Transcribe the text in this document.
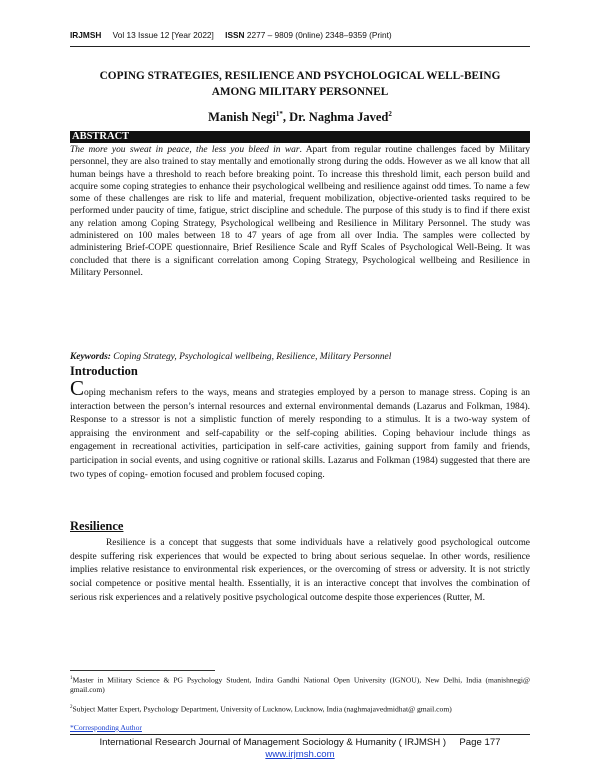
IRJMSH Vol 13 Issue 12 [Year 2022] ISSN 2277 – 9809 (0nline) 2348–9359 (Print)
COPING STRATEGIES, RESILIENCE AND PSYCHOLOGICAL WELL-BEING
AMONG MILITARY PERSONNEL
Manish Negi$^{1*}$, Dr. Naghma Javed$^2$
ABSTRACT
The more you sweat in peace, the less you bleed in war. Apart from regular routine challenges faced by Military personnel, they are also trained to stay mentally and emotionally strong during the odds. However as we all know that all human beings have a threshold to reach before breaking point. To increase this threshold limit, each person build and acquire some coping strategies to enhance their psychological wellbeing and resilience against odd times. To name a few some of these challenges are risk to life and material, frequent mobilization, objective-oriented tasks required to be performed under paucity of time, fatigue, strict discipline and schedule. The purpose of this study is to find if there exist any relation among Coping Strategy, Psychological wellbeing and Resilience in Military Personnel. The study was administered on 100 males between 18 to 47 years of age from all over India. The samples were collected by administering Brief-COPE questionnaire, Brief Resilience Scale and Ryff Scales of Psychological Well-Being. It was concluded that there is a significant correlation among Coping Strategy, Psychological wellbeing and Resilience in Military Personnel.
Keywords: Coping Strategy, Psychological wellbeing, Resilience, Military Personnel
Introduction
Coping mechanism refers to the ways, means and strategies employed by a person to manage stress. Coping is an interaction between the person’s internal resources and external environmental demands (Lazarus and Folkman, 1984). Response to a stressor is not a simplistic function of merely responding to a stimulus. It is a two-way system of appraising the environment and self-capability or the self-coping abilities. Coping behaviour include things as engagement in recreational activities, participation in self-care activities, gaining support from family and friends, participation in social events, and using cognitive or rational skills. Lazarus and Folkman (1984) suggested that there are two types of coping- emotion focused and problem focused coping.
Resilience
Resilience is a concept that suggests that some individuals have a relatively good psychological outcome despite suffering risk experiences that would be expected to bring about serious sequelae. In other words, resilience implies relative resistance to environmental risk experiences, or the overcoming of stress or adversity. It is not strictly social competence or positive mental health. Essentially, it is an interactive concept that involves the combination of serious risk experiences and a relatively positive psychological outcome despite those experiences (Rutter, M.
$^1$Master in Military Science & PG Psychology Student, Indira Gandhi National Open University (IGNOU), New Delhi, India (manishnegi@ gmail.com)
$^2$Subject Matter Expert, Psychology Department, University of Lucknow, Lucknow, India (naghmajavedmidhat@ gmail.com)
*Corresponding Author
International Research Journal of Management Sociology & Humanity ( IRJMSH )     Page 177
www.irjmsh.com
